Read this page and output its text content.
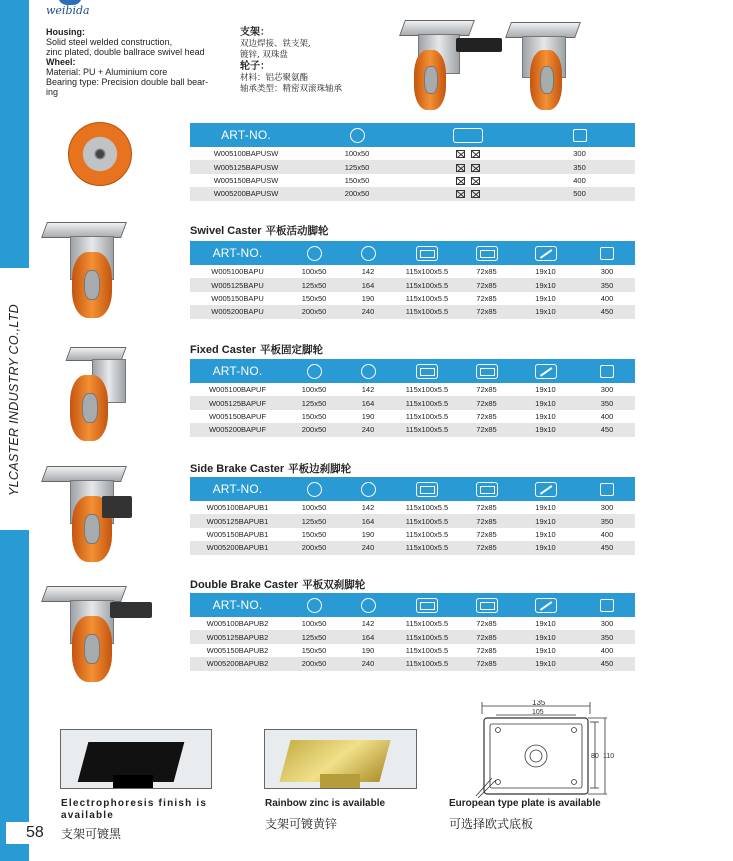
YLCASTER INDUSTRY CO.,LTD
58
weibida
Housing:
Solid steel welded construction,
zinc plated, double ballrace swivel head
Wheel:
Material: PU + Aluminium core
Bearing type: Precision double ball bear-
ing
支架：
双边焊接、铁支架,
镀锌, 双珠盘
轮子：
材料：铝芯聚氨酯
轴承类型：精密双滚珠轴承
ART-NO.			
W005100BAPUSW	100x50		300
W005125BAPUSW	125x50		350
W005150BAPUSW	150x50		400
W005200BAPUSW	200x50		500
Swivel Caster 平板活动脚轮
ART-NO.						
W005100BAPU	100x50	142	115x100x5.5	72x85	19x10	300
W005125BAPU	125x50	164	115x100x5.5	72x85	19x10	350
W005150BAPU	150x50	190	115x100x5.5	72x85	19x10	400
W005200BAPU	200x50	240	115x100x5.5	72x85	19x10	450
Fixed Caster 平板固定脚轮
ART-NO.						
W005100BAPUF	100x50	142	115x100x5.5	72x85	19x10	300
W005125BAPUF	125x50	164	115x100x5.5	72x85	19x10	350
W005150BAPUF	150x50	190	115x100x5.5	72x85	19x10	400
W005200BAPUF	200x50	240	115x100x5.5	72x85	19x10	450
Side Brake Caster 平板边刹脚轮
ART-NO.						
W005100BAPUB1	100x50	142	115x100x5.5	72x85	19x10	300
W005125BAPUB1	125x50	164	115x100x5.5	72x85	19x10	350
W005150BAPUB1	150x50	190	115x100x5.5	72x85	19x10	400
W005200BAPUB1	200x50	240	115x100x5.5	72x85	19x10	450
Double Brake Caster 平板双刹脚轮
ART-NO.						
W005100BAPUB2	100x50	142	115x100x5.5	72x85	19x10	300
W005125BAPUB2	125x50	164	115x100x5.5	72x85	19x10	350
W005150BAPUB2	150x50	190	115x100x5.5	72x85	19x10	400
W005200BAPUB2	200x50	240	115x100x5.5	72x85	19x10	450
Electrophoresis finish is available
支架可镀黑
Rainbow zinc is available
支架可镀黄锌
European type plate is available
可选择欧式底板
135
105
80 110
